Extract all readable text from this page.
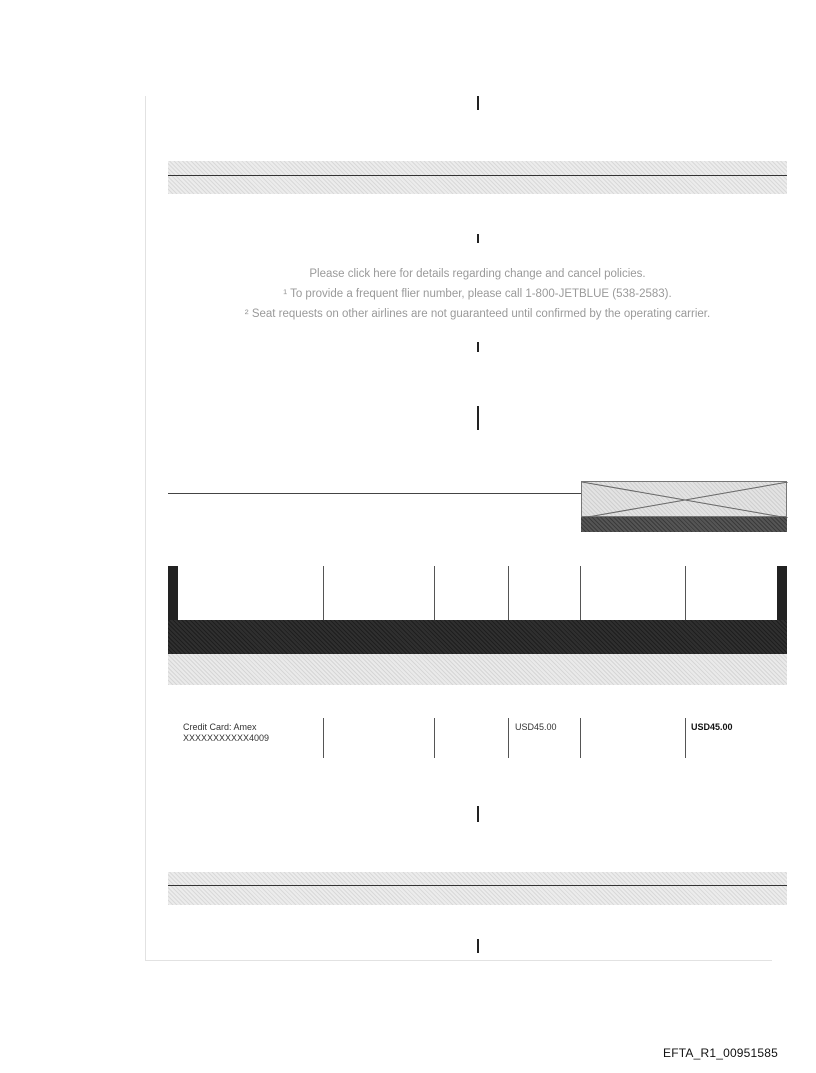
Please click here for details regarding change and cancel policies.
¹ To provide a frequent flier number, please call 1-800-JETBLUE (538-2583).
² Seat requests on other airlines are not guaranteed until confirmed by the operating carrier.
Credit Card: Amex
XXXXXXXXXXX4009
USD45.00	USD45.00
EFTA_R1_00951585
